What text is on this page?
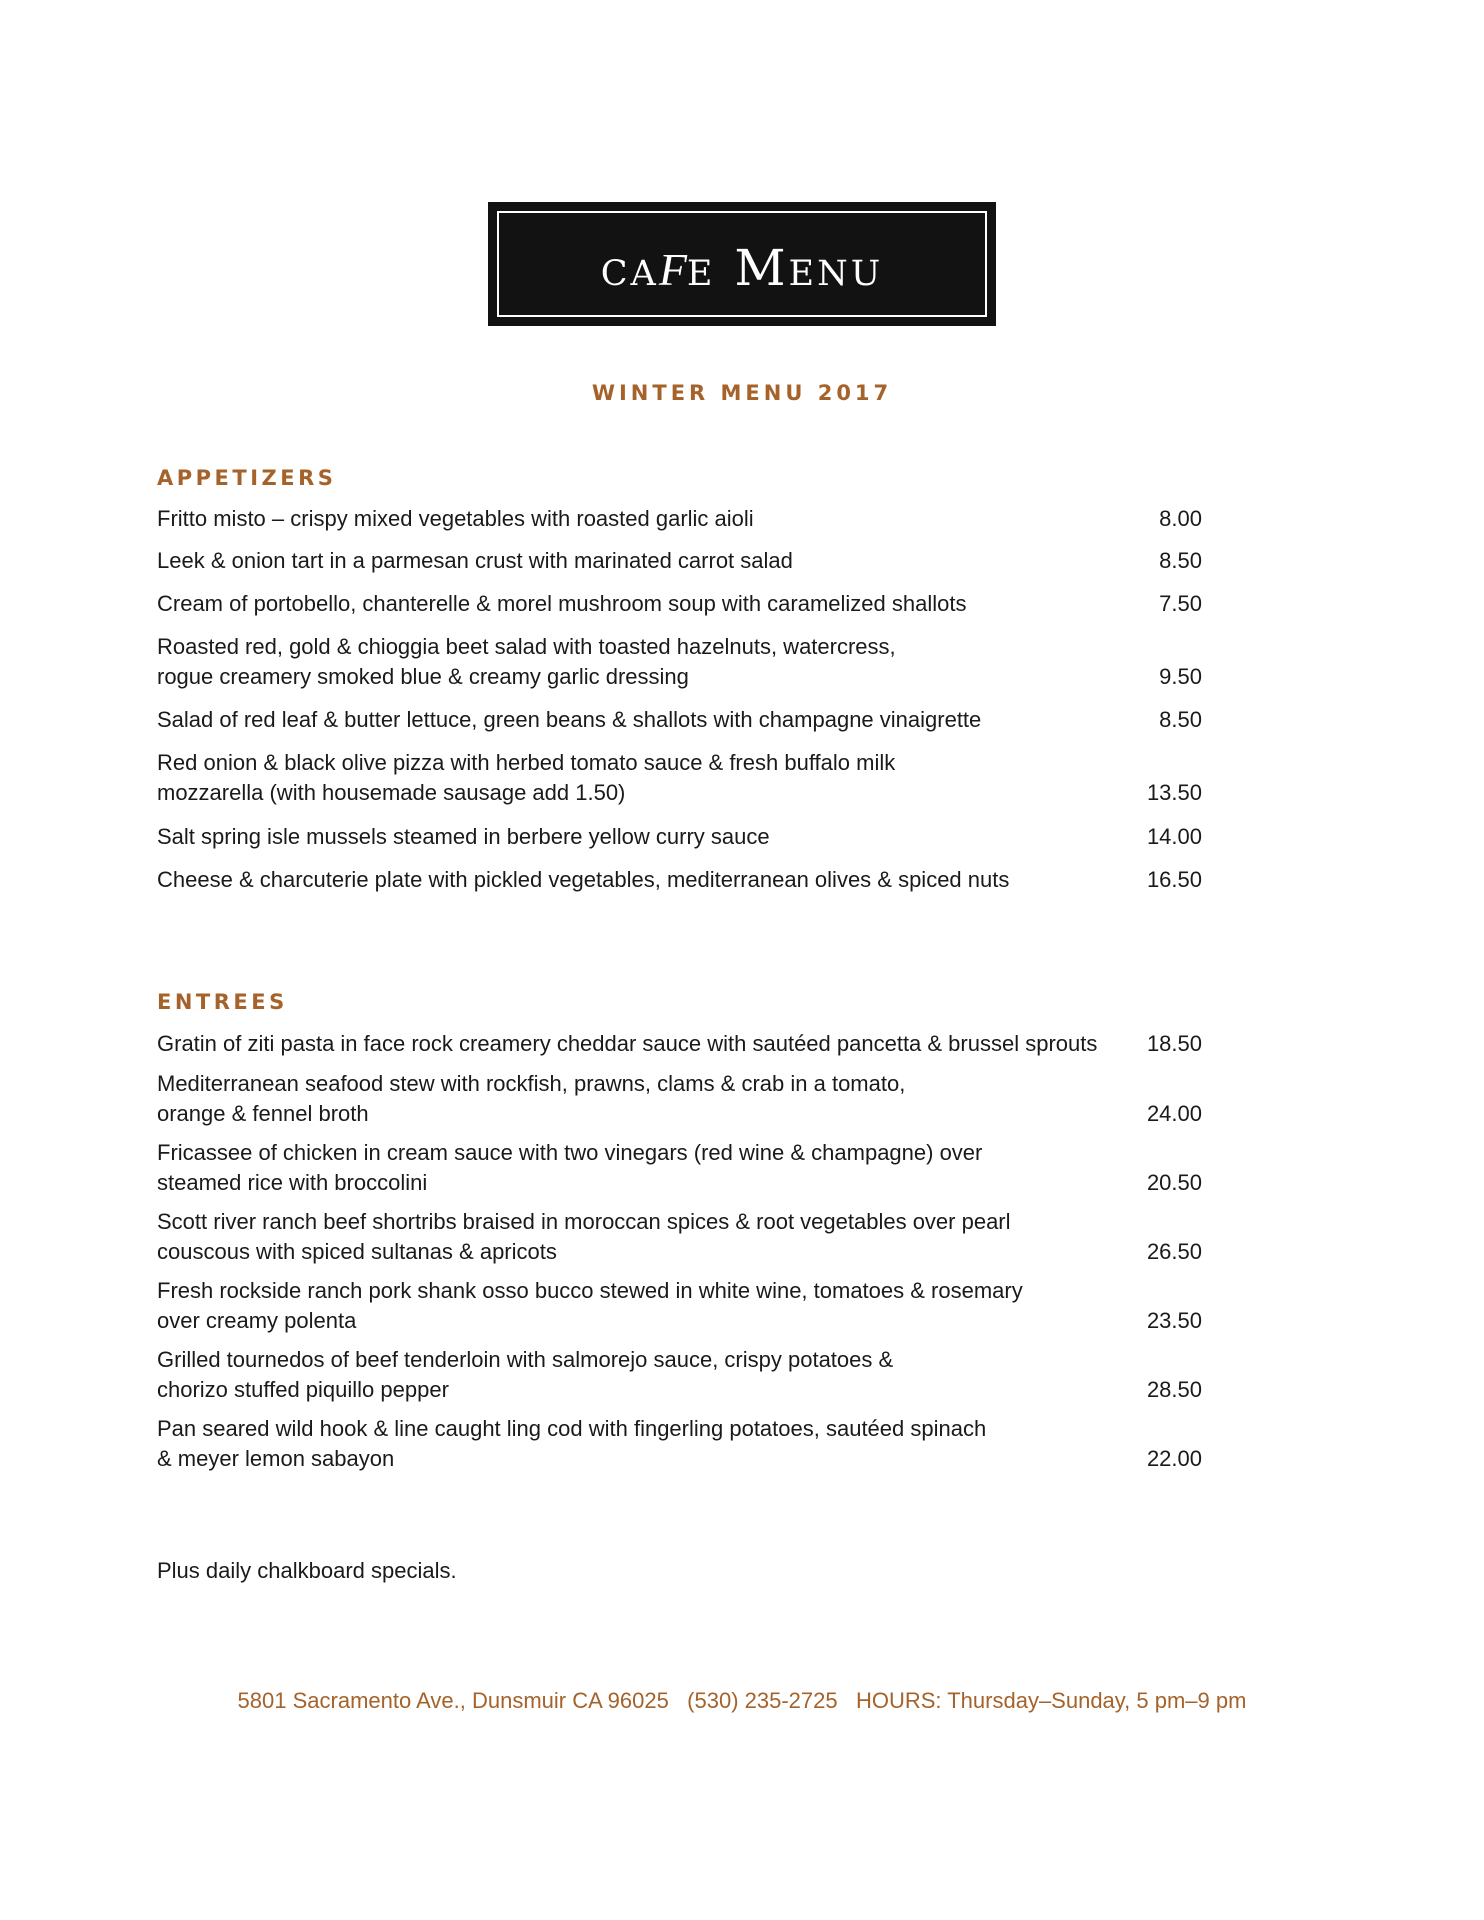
cafe Menu
WINTER MENU 2017
APPETIZERS
Fritto misto – crispy mixed vegetables with roasted garlic aioli	8.00
Leek & onion tart in a parmesan crust with marinated carrot salad	8.50
Cream of portobello, chanterelle & morel mushroom soup with caramelized shallots	7.50
Roasted red, gold & chioggia beet salad with toasted hazelnuts, watercress,
rogue creamery smoked blue & creamy garlic dressing	9.50
Salad of red leaf & butter lettuce, green beans & shallots with champagne vinaigrette	8.50
Red onion & black olive pizza with herbed tomato sauce & fresh buffalo milk
mozzarella (with housemade sausage add 1.50)	13.50
Salt spring isle mussels steamed in berbere yellow curry sauce	14.00
Cheese & charcuterie plate with pickled vegetables, mediterranean olives & spiced nuts	16.50
ENTREES
Gratin of ziti pasta in face rock creamery cheddar sauce with sautéed pancetta & brussel sprouts 18.50
Mediterranean seafood stew with rockfish, prawns, clams & crab in a tomato,
orange & fennel broth	24.00
Fricassee of chicken in cream sauce with two vinegars (red wine & champagne) over
steamed rice with broccolini	20.50
Scott river ranch beef shortribs braised in moroccan spices & root vegetables over pearl
couscous with spiced sultanas & apricots	26.50
Fresh rockside ranch pork shank osso bucco stewed in white wine, tomatoes & rosemary
over creamy polenta	23.50
Grilled tournedos of beef tenderloin with salmorejo sauce, crispy potatoes &
chorizo stuffed piquillo pepper	28.50
Pan seared wild hook & line caught ling cod with fingerling potatoes, sautéed spinach
& meyer lemon sabayon	22.00
Plus daily chalkboard specials.
5801 Sacramento Ave., Dunsmuir CA 96025   (530) 235-2725   HOURS: Thursday–Sunday, 5 pm–9 pm
